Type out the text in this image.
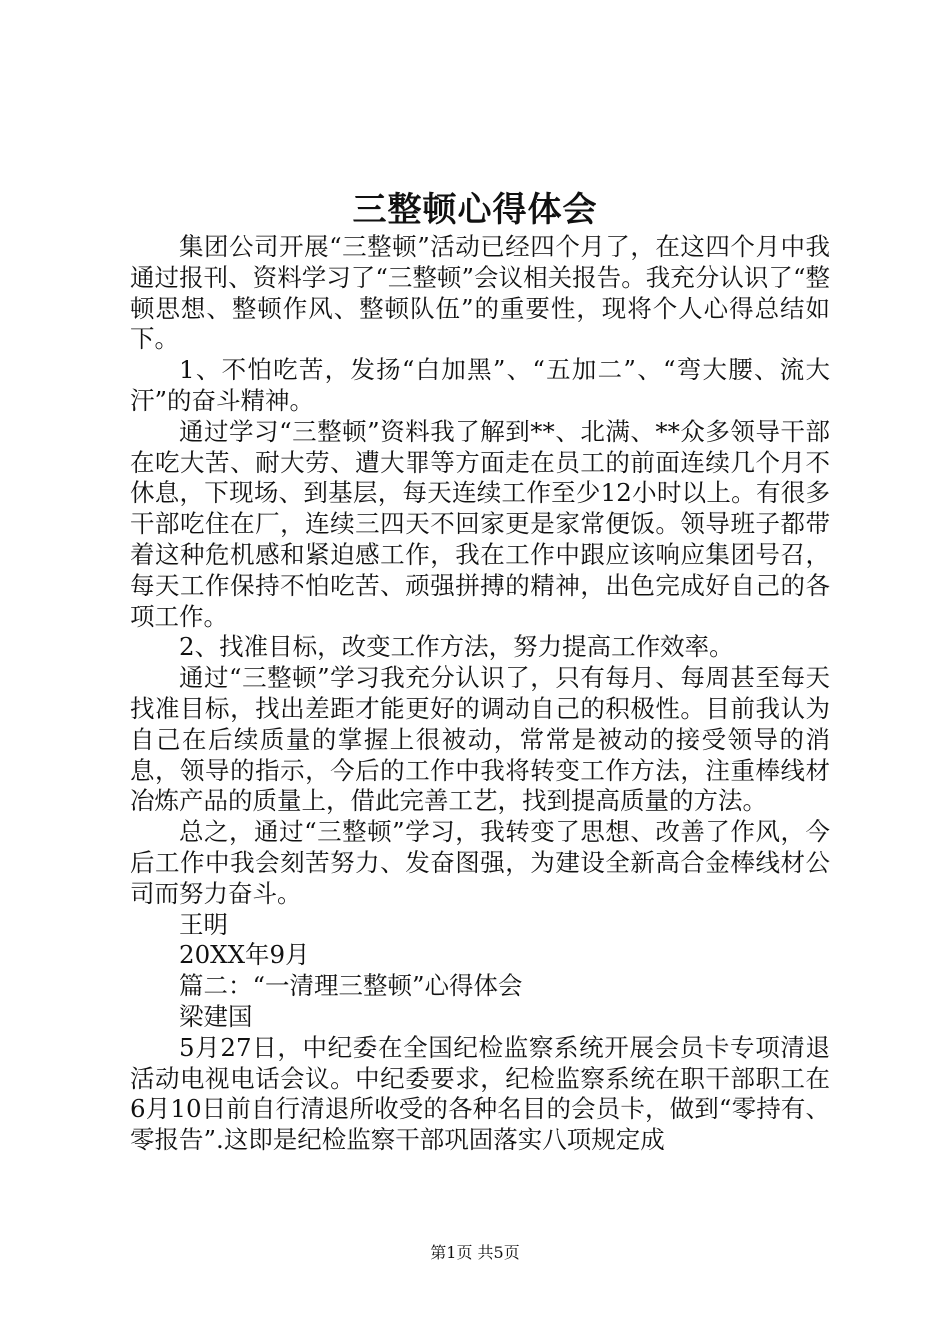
三整顿心得体会

集团公司开展“三整顿”活动已经四个月了，在这四个月中我通过报刊、资料学习了“三整顿”会议相关报告。我充分认识了“整顿思想、整顿作风、整顿队伍”的重要性，现将个人心得总结如下。

1、不怕吃苦，发扬“白加黑”、“五加二”、“弯大腰、流大汗”的奋斗精神。

通过学习“三整顿”资料我了解到**、北满、**众多领导干部在吃大苦、耐大劳、遭大罪等方面走在员工的前面连续几个月不休息，下现场、到基层，每天连续工作至少12小时以上。有很多干部吃住在厂，连续三四天不回家更是家常便饭。领导班子都带着这种危机感和紧迫感工作，我在工作中跟应该响应集团号召，每天工作保持不怕吃苦、顽强拼搏的精神，出色完成好自己的各项工作。

2、找准目标，改变工作方法，努力提高工作效率。

通过“三整顿”学习我充分认识了，只有每月、每周甚至每天找准目标，找出差距才能更好的调动自己的积极性。目前我认为自己在后续质量的掌握上很被动，常常是被动的接受领导的消息，领导的指示，今后的工作中我将转变工作方法，注重棒线材冶炼产品的质量上，借此完善工艺，找到提高质量的方法。

总之，通过“三整顿”学习，我转变了思想、改善了作风，今后工作中我会刻苦努力、发奋图强，为建设全新高合金棒线材公司而努力奋斗。

王明

20XX年9月

篇二：“一清理三整顿”心得体会

梁建国

5月27日，中纪委在全国纪检监察系统开展会员卡专项清退活动电视电话会议。中纪委要求，纪检监察系统在职干部职工在6月10日前自行清退所收受的各种名目的会员卡，做到“零持有、零报告”.这即是纪检监察干部巩固落实八项规定成

第1页 共5页
